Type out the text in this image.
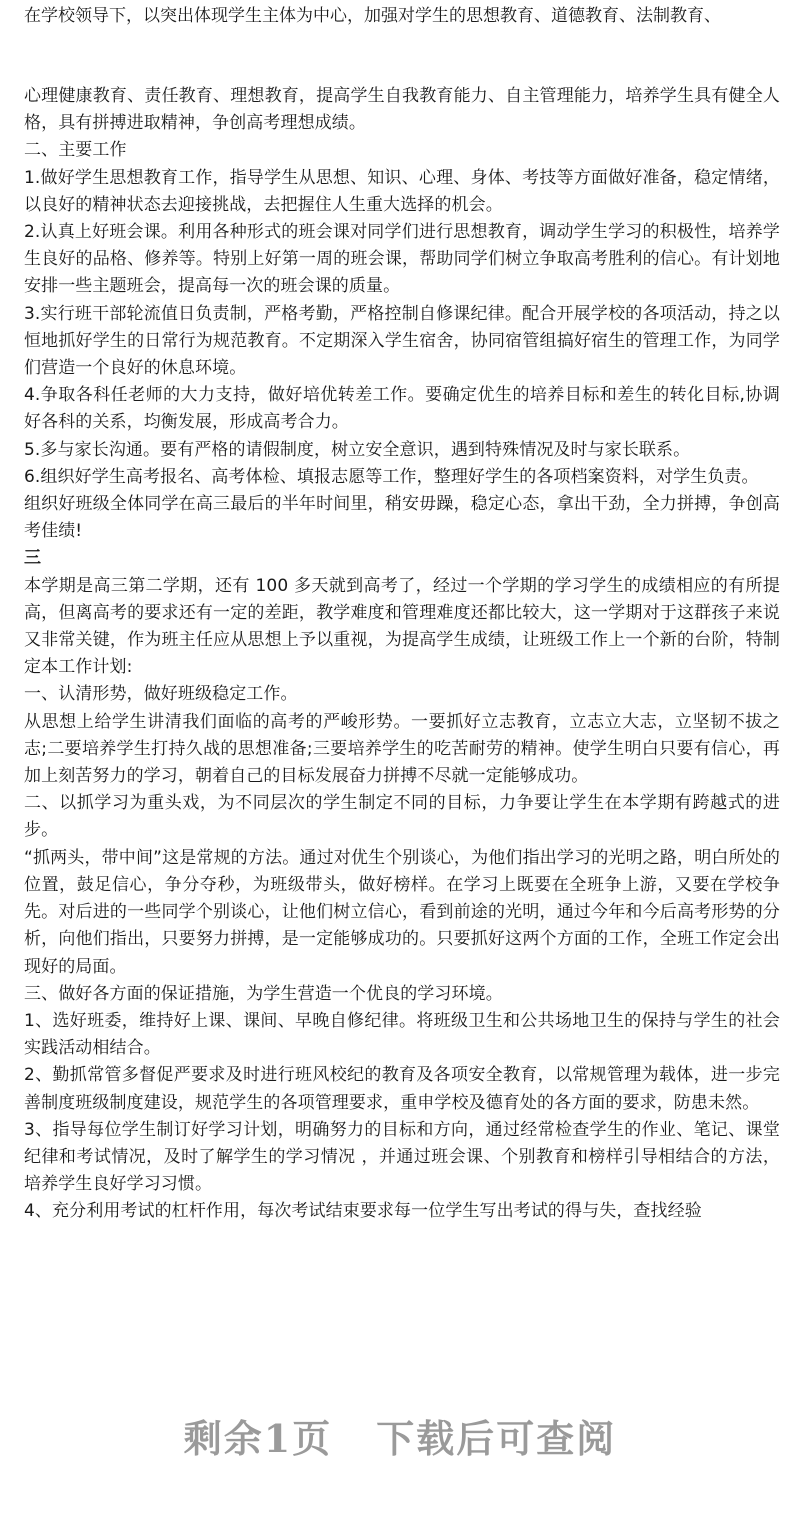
在学校领导下，以突出体现学生主体为中心，加强对学生的思想教育、道德教育、法制教育、

心理健康教育、责任教育、理想教育，提高学生自我教育能力、自主管理能力，培养学生具有健全人格，具有拼搏进取精神，争创高考理想成绩。

二、主要工作

1.做好学生思想教育工作，指导学生从思想、知识、心理、身体、考技等方面做好准备，稳定情绪，以良好的精神状态去迎接挑战，去把握住人生重大选择的机会。

2.认真上好班会课。利用各种形式的班会课对同学们进行思想教育，调动学生学习的积极性，培养学生良好的品格、修养等。特别上好第一周的班会课，帮助同学们树立争取高考胜利的信心。有计划地安排一些主题班会，提高每一次的班会课的质量。

3.实行班干部轮流值日负责制，严格考勤，严格控制自修课纪律。配合开展学校的各项活动，持之以恒地抓好学生的日常行为规范教育。不定期深入学生宿舍，协同宿管组搞好宿生的管理工作，为同学们营造一个良好的休息环境。

4.争取各科任老师的大力支持，做好培优转差工作。要确定优生的培养目标和差生的转化目标,协调好各科的关系，均衡发展，形成高考合力。

5.多与家长沟通。要有严格的请假制度，树立安全意识，遇到特殊情况及时与家长联系。

6.组织好学生高考报名、高考体检、填报志愿等工作，整理好学生的各项档案资料，对学生负责。

组织好班级全体同学在高三最后的半年时间里，稍安毋躁，稳定心态，拿出干劲，全力拼搏，争创高考佳绩!

三

本学期是高三第二学期，还有 100 多天就到高考了，经过一个学期的学习学生的成绩相应的有所提高，但离高考的要求还有一定的差距，教学难度和管理难度还都比较大，这一学期对于这群孩子来说又非常关键，作为班主任应从思想上予以重视，为提高学生成绩，让班级工作上一个新的台阶，特制定本工作计划:

一、认清形势，做好班级稳定工作。

从思想上给学生讲清我们面临的高考的严峻形势。一要抓好立志教育，立志立大志，立坚韧不拔之志;二要培养学生打持久战的思想准备;三要培养学生的吃苦耐劳的精神。使学生明白只要有信心，再加上刻苦努力的学习，朝着自己的目标发展奋力拼搏不尽就一定能够成功。

二、以抓学习为重头戏，为不同层次的学生制定不同的目标，力争要让学生在本学期有跨越式的进步。

“抓两头，带中间”这是常规的方法。通过对优生个别谈心，为他们指出学习的光明之路，明白所处的位置，鼓足信心，争分夺秒，为班级带头，做好榜样。在学习上既要在全班争上游，又要在学校争先。对后进的一些同学个别谈心，让他们树立信心，看到前途的光明，通过今年和今后高考形势的分析，向他们指出，只要努力拼搏，是一定能够成功的。只要抓好这两个方面的工作，全班工作定会出现好的局面。

三、做好各方面的保证措施，为学生营造一个优良的学习环境。

1、选好班委，维持好上课、课间、早晚自修纪律。将班级卫生和公共场地卫生的保持与学生的社会实践活动相结合。

2、勤抓常管多督促严要求及时进行班风校纪的教育及各项安全教育，以常规管理为载体，进一步完善制度班级制度建设，规范学生的各项管理要求，重申学校及德育处的各方面的要求，防患未然。

3、指导每位学生制订好学习计划，明确努力的目标和方向，通过经常检查学生的作业、笔记、课堂纪律和考试情况，及时了解学生的学习情况 ，并通过班会课、个别教育和榜样引导相结合的方法，培养学生良好学习习惯。

4、充分利用考试的杠杆作用，每次考试结束要求每一位学生写出考试的得与失，查找经验

剩余1页 下载后可查阅
